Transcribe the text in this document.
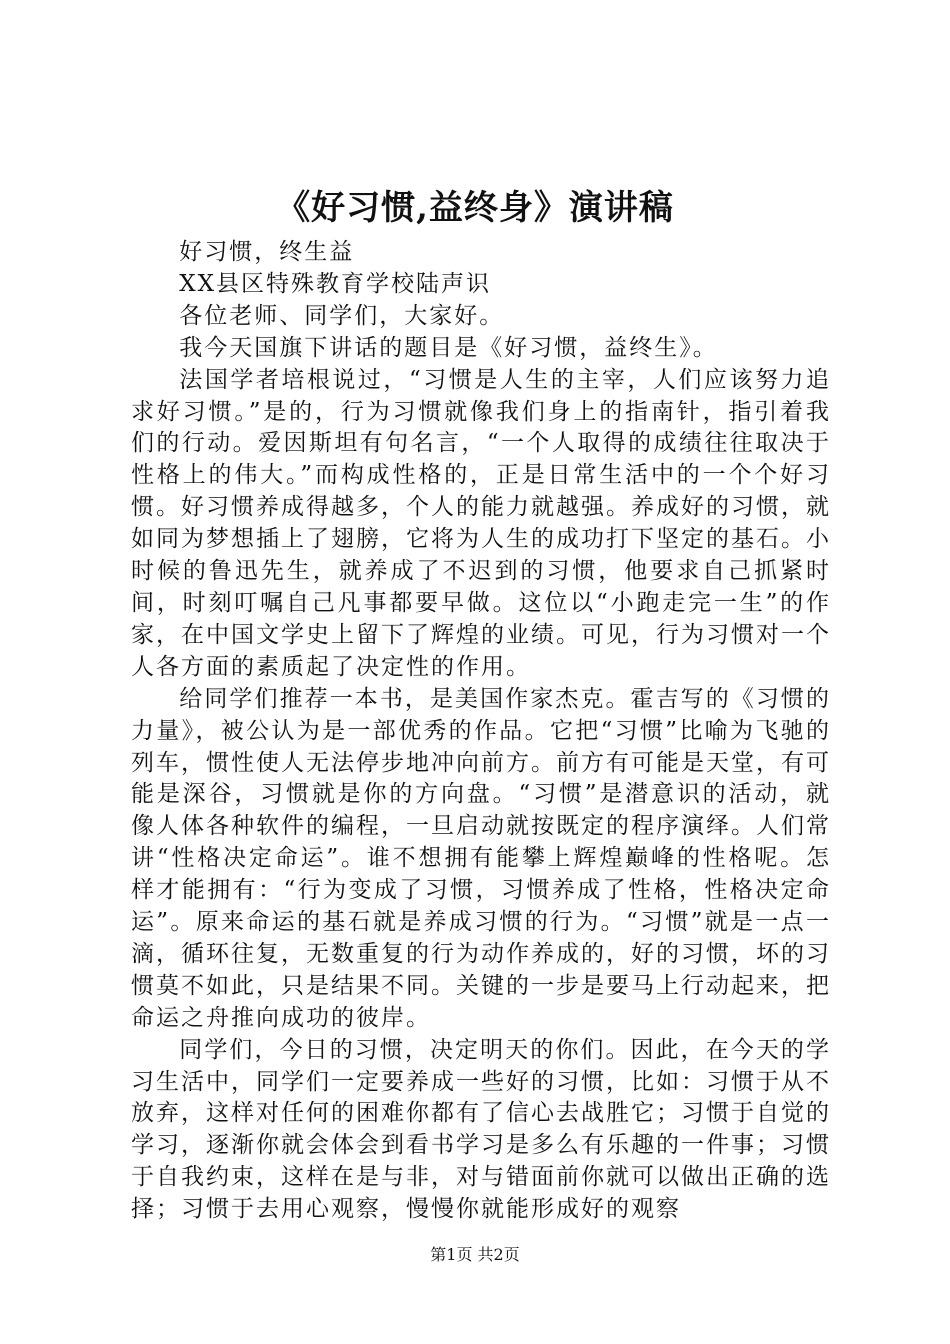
《好习惯,益终身》演讲稿

好习惯，终生益

XX县区特殊教育学校陆声识

各位老师、同学们，大家好。

我今天国旗下讲话的题目是《好习惯，益终生》。

法国学者培根说过，“习惯是人生的主宰，人们应该努力追求好习惯。”是的，行为习惯就像我们身上的指南针，指引着我们的行动。爱因斯坦有句名言，“一个人取得的成绩往往取决于性格上的伟大。”而构成性格的，正是日常生活中的一个个好习惯。好习惯养成得越多，个人的能力就越强。养成好的习惯，就如同为梦想插上了翅膀，它将为人生的成功打下坚定的基石。小时候的鲁迅先生，就养成了不迟到的习惯，他要求自己抓紧时间，时刻叮嘱自己凡事都要早做。这位以“小跑走完一生”的作家，在中国文学史上留下了辉煌的业绩。可见，行为习惯对一个人各方面的素质起了决定性的作用。

给同学们推荐一本书，是美国作家杰克。霍吉写的《习惯的力量》，被公认为是一部优秀的作品。它把“习惯”比喻为飞驰的列车，惯性使人无法停步地冲向前方。前方有可能是天堂，有可能是深谷，习惯就是你的方向盘。“习惯”是潜意识的活动，就像人体各种软件的编程，一旦启动就按既定的程序演绎。人们常讲“性格决定命运”。谁不想拥有能攀上辉煌巅峰的性格呢。怎样才能拥有：“行为变成了习惯，习惯养成了性格，性格决定命运”。原来命运的基石就是养成习惯的行为。“习惯”就是一点一滴，循环往复，无数重复的行为动作养成的，好的习惯，坏的习惯莫不如此，只是结果不同。关键的一步是要马上行动起来，把命运之舟推向成功的彼岸。

同学们，今日的习惯，决定明天的你们。因此，在今天的学习生活中，同学们一定要养成一些好的习惯，比如：习惯于从不放弃，这样对任何的困难你都有了信心去战胜它；习惯于自觉的学习，逐渐你就会体会到看书学习是多么有乐趣的一件事；习惯于自我约束，这样在是与非，对与错面前你就可以做出正确的选择；习惯于去用心观察，慢慢你就能形成好的观察

第1页 共2页
